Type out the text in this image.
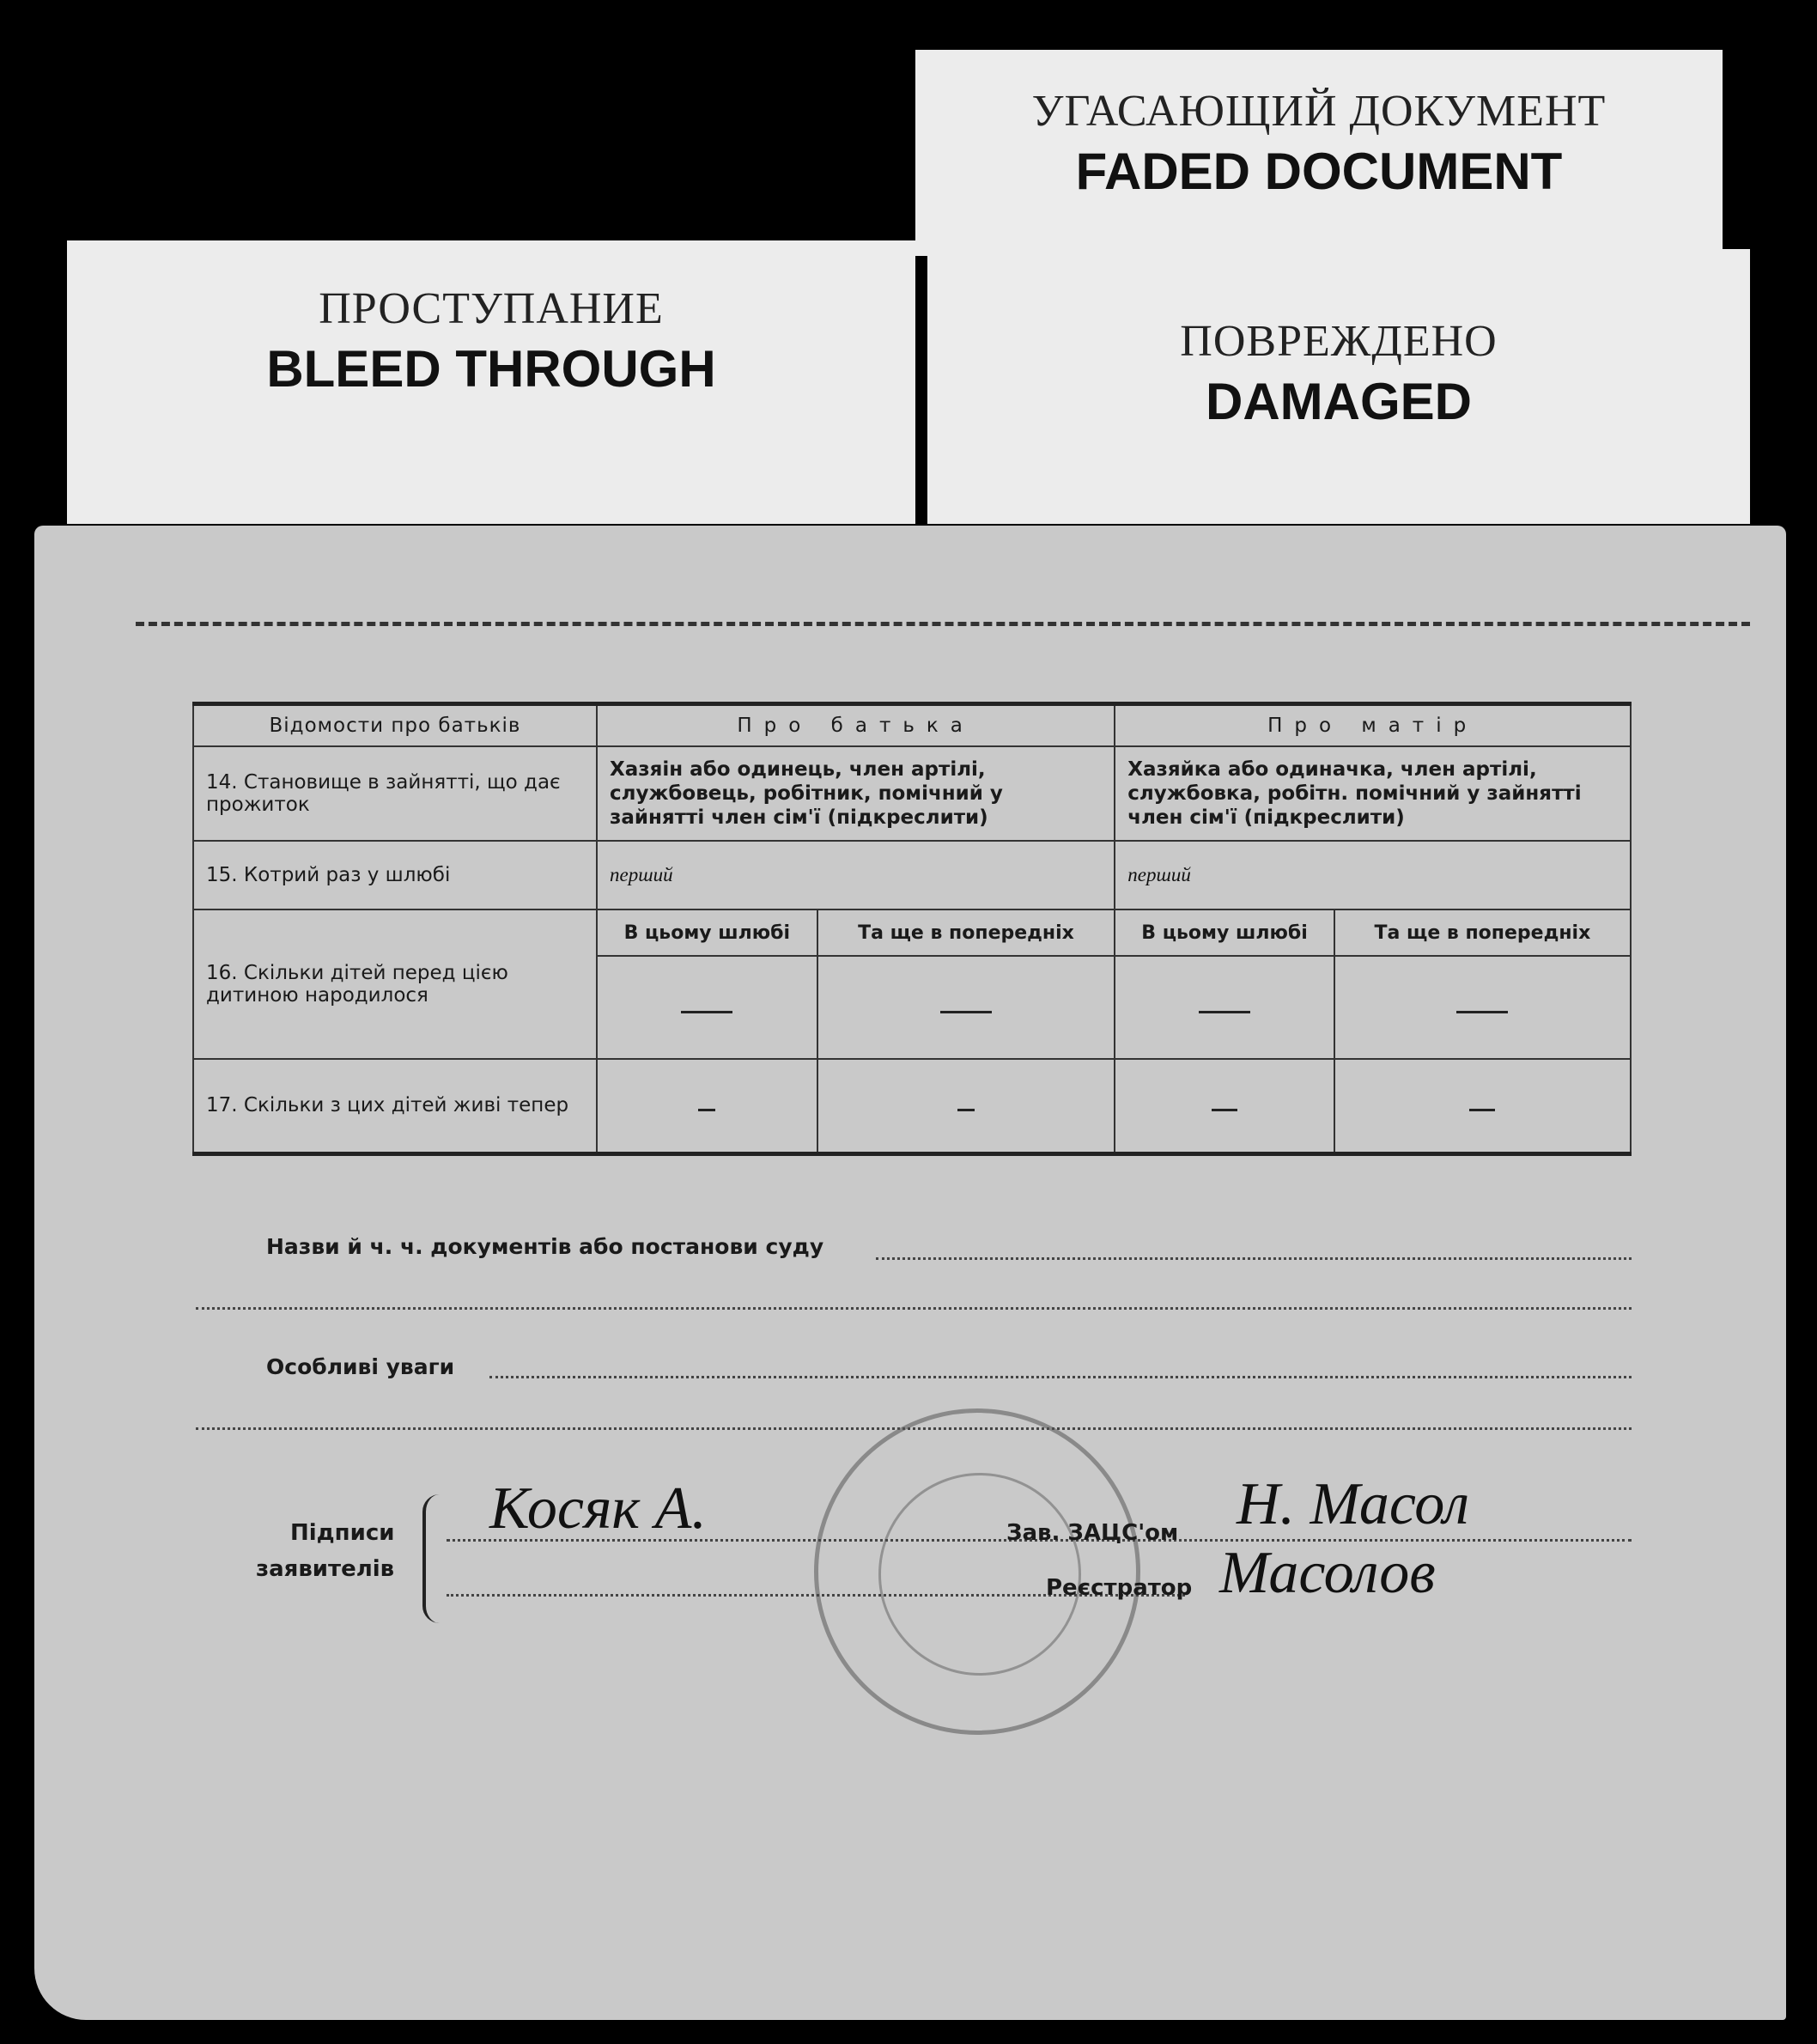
УГАСАЮЩИЙ ДОКУМЕНТ
FADED DOCUMENT
ПРОСТУПАНИЕ
BLEED THROUGH	ПОВРЕЖДЕНО
DAMAGED
Відомости про батьків	Про батька		Про матір	
14. Становище в зайнятті, що дає прожиток	Хазяін або одинець, член артілі, службовець, робітник, помічний у зайнятті член сім'ї (підкреслити)		Хазяйка або одиначка, член артілі, службовка, робітн. помічний у зайнятті член сім'ї (підкреслити)	
15. Котрий раз у шлюбі	перший		перший	
16. Скільки дітей перед цією дитиною народилося	В цьому шлюбі	Та ще в попередніх	В цьому шлюбі	Та ще в попередніх

17. Скільки з цих дітей живі тепер				
Назви й ч. ч. документів або постанови суду
Особливі уваги
Підписи
заявителів
Косяк А.	Зав. ЗАЦС'ом Н. Масол
Реєстратор Масолов
